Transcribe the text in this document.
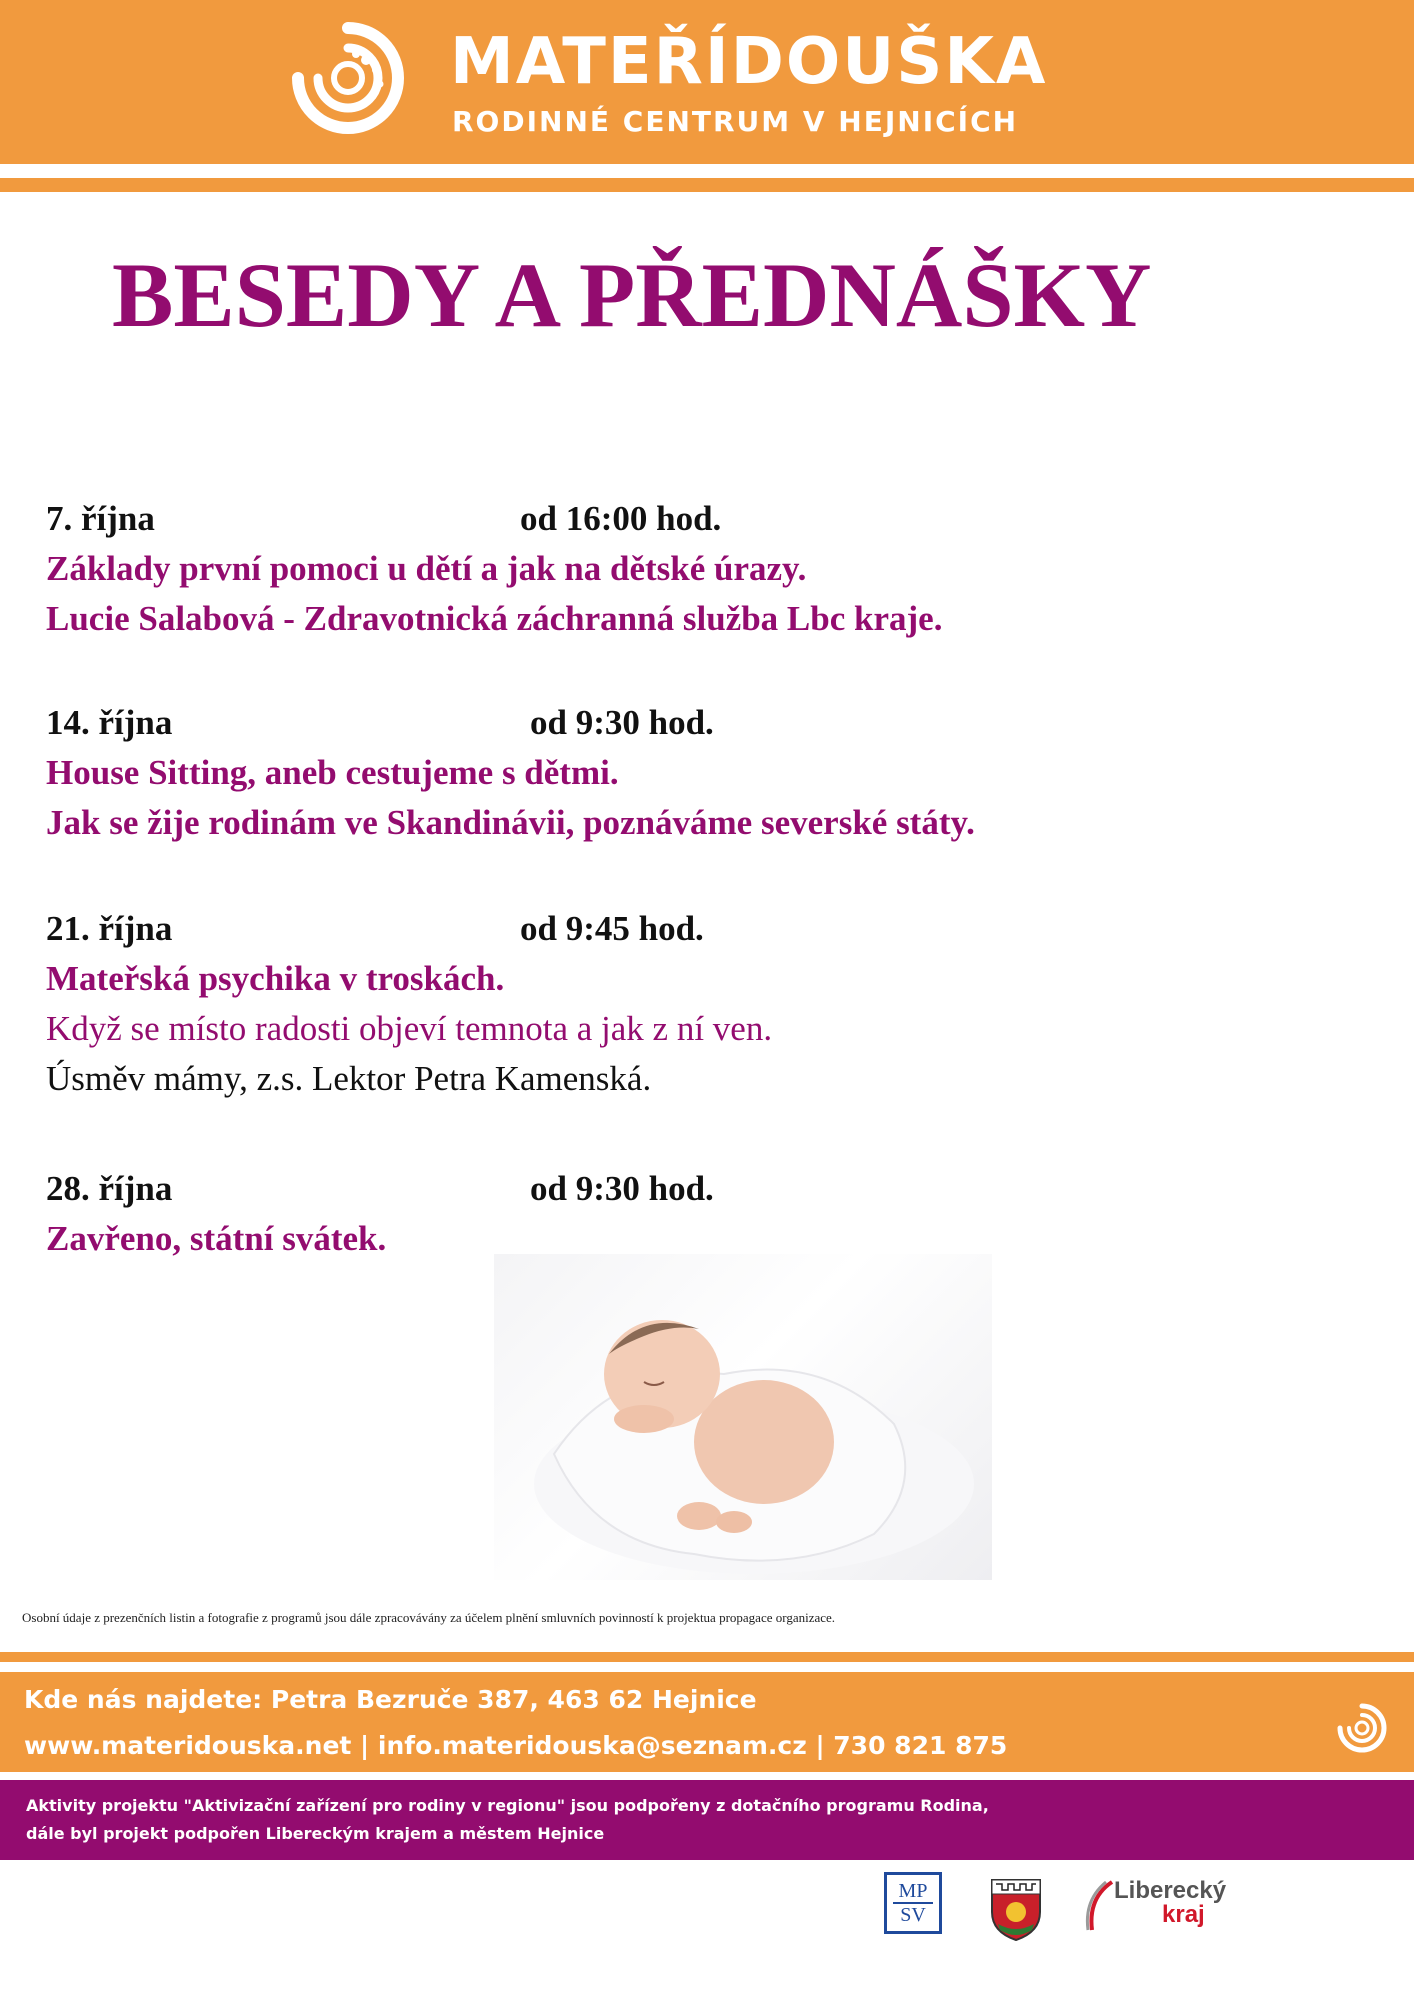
MATEŘÍDOUŠKA
RODINNÉ CENTRUM V HEJNICÍCH
BESEDY A PŘEDNÁŠKY
7. října	od 16:00 hod.
Základy první pomoci u dětí a jak na dětské úrazy.
Lucie Salabová - Zdravotnická záchranná služba Lbc kraje.
14. října	od 9:30 hod.
House Sitting, aneb cestujeme s dětmi.
Jak se žije rodinám ve Skandinávii, poznáváme severské státy.
21. října	od 9:45 hod.
Mateřská psychika v troskách.
Když se místo radosti objeví temnota a jak z ní ven.
Úsměv mámy, z.s. Lektor Petra Kamenská.
28. října	od 9:30 hod.
Zavřeno, státní svátek.
Osobní údaje z prezenčních listin a fotografie z programů jsou dále zpracovávány za účelem plnění smluvních povinností k projektua propagace organizace.
Kde nás najdete: Petra Bezruče 387, 463 62 Hejnice
www.materidouska.net | info.materidouska@seznam.cz | 730 821 875
Aktivity projektu "Aktivizační zařízení pro rodiny v regionu" jsou podpořeny z dotačního programu Rodina,
dále byl projekt podpořen Libereckým krajem a městem Hejnice
MP
SV
Liberecký
kraj
